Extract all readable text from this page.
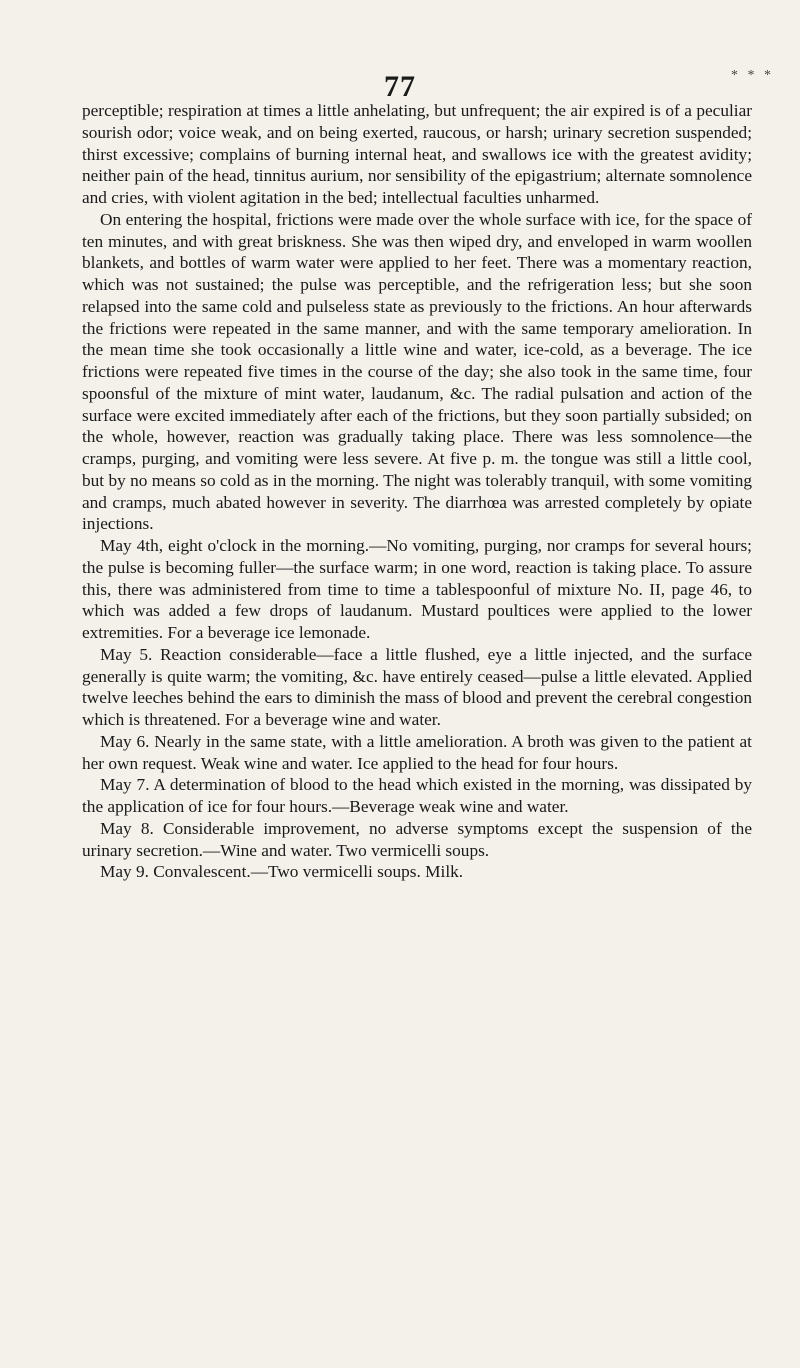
77	* * *

perceptible; respiration at times a little anhelating, but unfrequent; the air expired is of a peculiar sourish odor; voice weak, and on being exerted, raucous, or harsh; urinary secretion suspended; thirst excessive; complains of burning internal heat, and swallows ice with the greatest avidity; neither pain of the head, tinnitus aurium, nor sensibility of the epigastrium; alternate somnolence and cries, with violent agitation in the bed; intellectual faculties unharmed.

On entering the hospital, frictions were made over the whole surface with ice, for the space of ten minutes, and with great briskness. She was then wiped dry, and enveloped in warm woollen blankets, and bottles of warm water were applied to her feet. There was a momentary reaction, which was not sustained; the pulse was perceptible, and the refrigeration less; but she soon relapsed into the same cold and pulseless state as previously to the frictions. An hour afterwards the frictions were repeated in the same manner, and with the same temporary amelioration. In the mean time she took occasionally a little wine and water, ice-cold, as a beverage. The ice frictions were repeated five times in the course of the day; she also took in the same time, four spoonsful of the mixture of mint water, laudanum, &c. The radial pulsation and action of the surface were excited immediately after each of the frictions, but they soon partially subsided; on the whole, however, reaction was gradually taking place. There was less somnolence—the cramps, purging, and vomiting were less severe. At five p. m. the tongue was still a little cool, but by no means so cold as in the morning. The night was tolerably tranquil, with some vomiting and cramps, much abated however in severity. The diarrhœa was arrested completely by opiate injections.

May 4th, eight o'clock in the morning.—No vomiting, purging, nor cramps for several hours; the pulse is becoming fuller—the surface warm; in one word, reaction is taking place. To assure this, there was administered from time to time a tablespoonful of mixture No. II, page 46, to which was added a few drops of laudanum. Mustard poultices were applied to the lower extremities. For a beverage ice lemonade.

May 5. Reaction considerable—face a little flushed, eye a little injected, and the surface generally is quite warm; the vomiting, &c. have entirely ceased—pulse a little elevated. Applied twelve leeches behind the ears to diminish the mass of blood and prevent the cerebral congestion which is threatened. For a beverage wine and water.

May 6. Nearly in the same state, with a little amelioration. A broth was given to the patient at her own request. Weak wine and water. Ice applied to the head for four hours.

May 7. A determination of blood to the head which existed in the morning, was dissipated by the application of ice for four hours.—Beverage weak wine and water.

May 8. Considerable improvement, no adverse symptoms except the suspension of the urinary secretion.—Wine and water. Two vermicelli soups.

May 9. Convalescent.—Two vermicelli soups. Milk.
